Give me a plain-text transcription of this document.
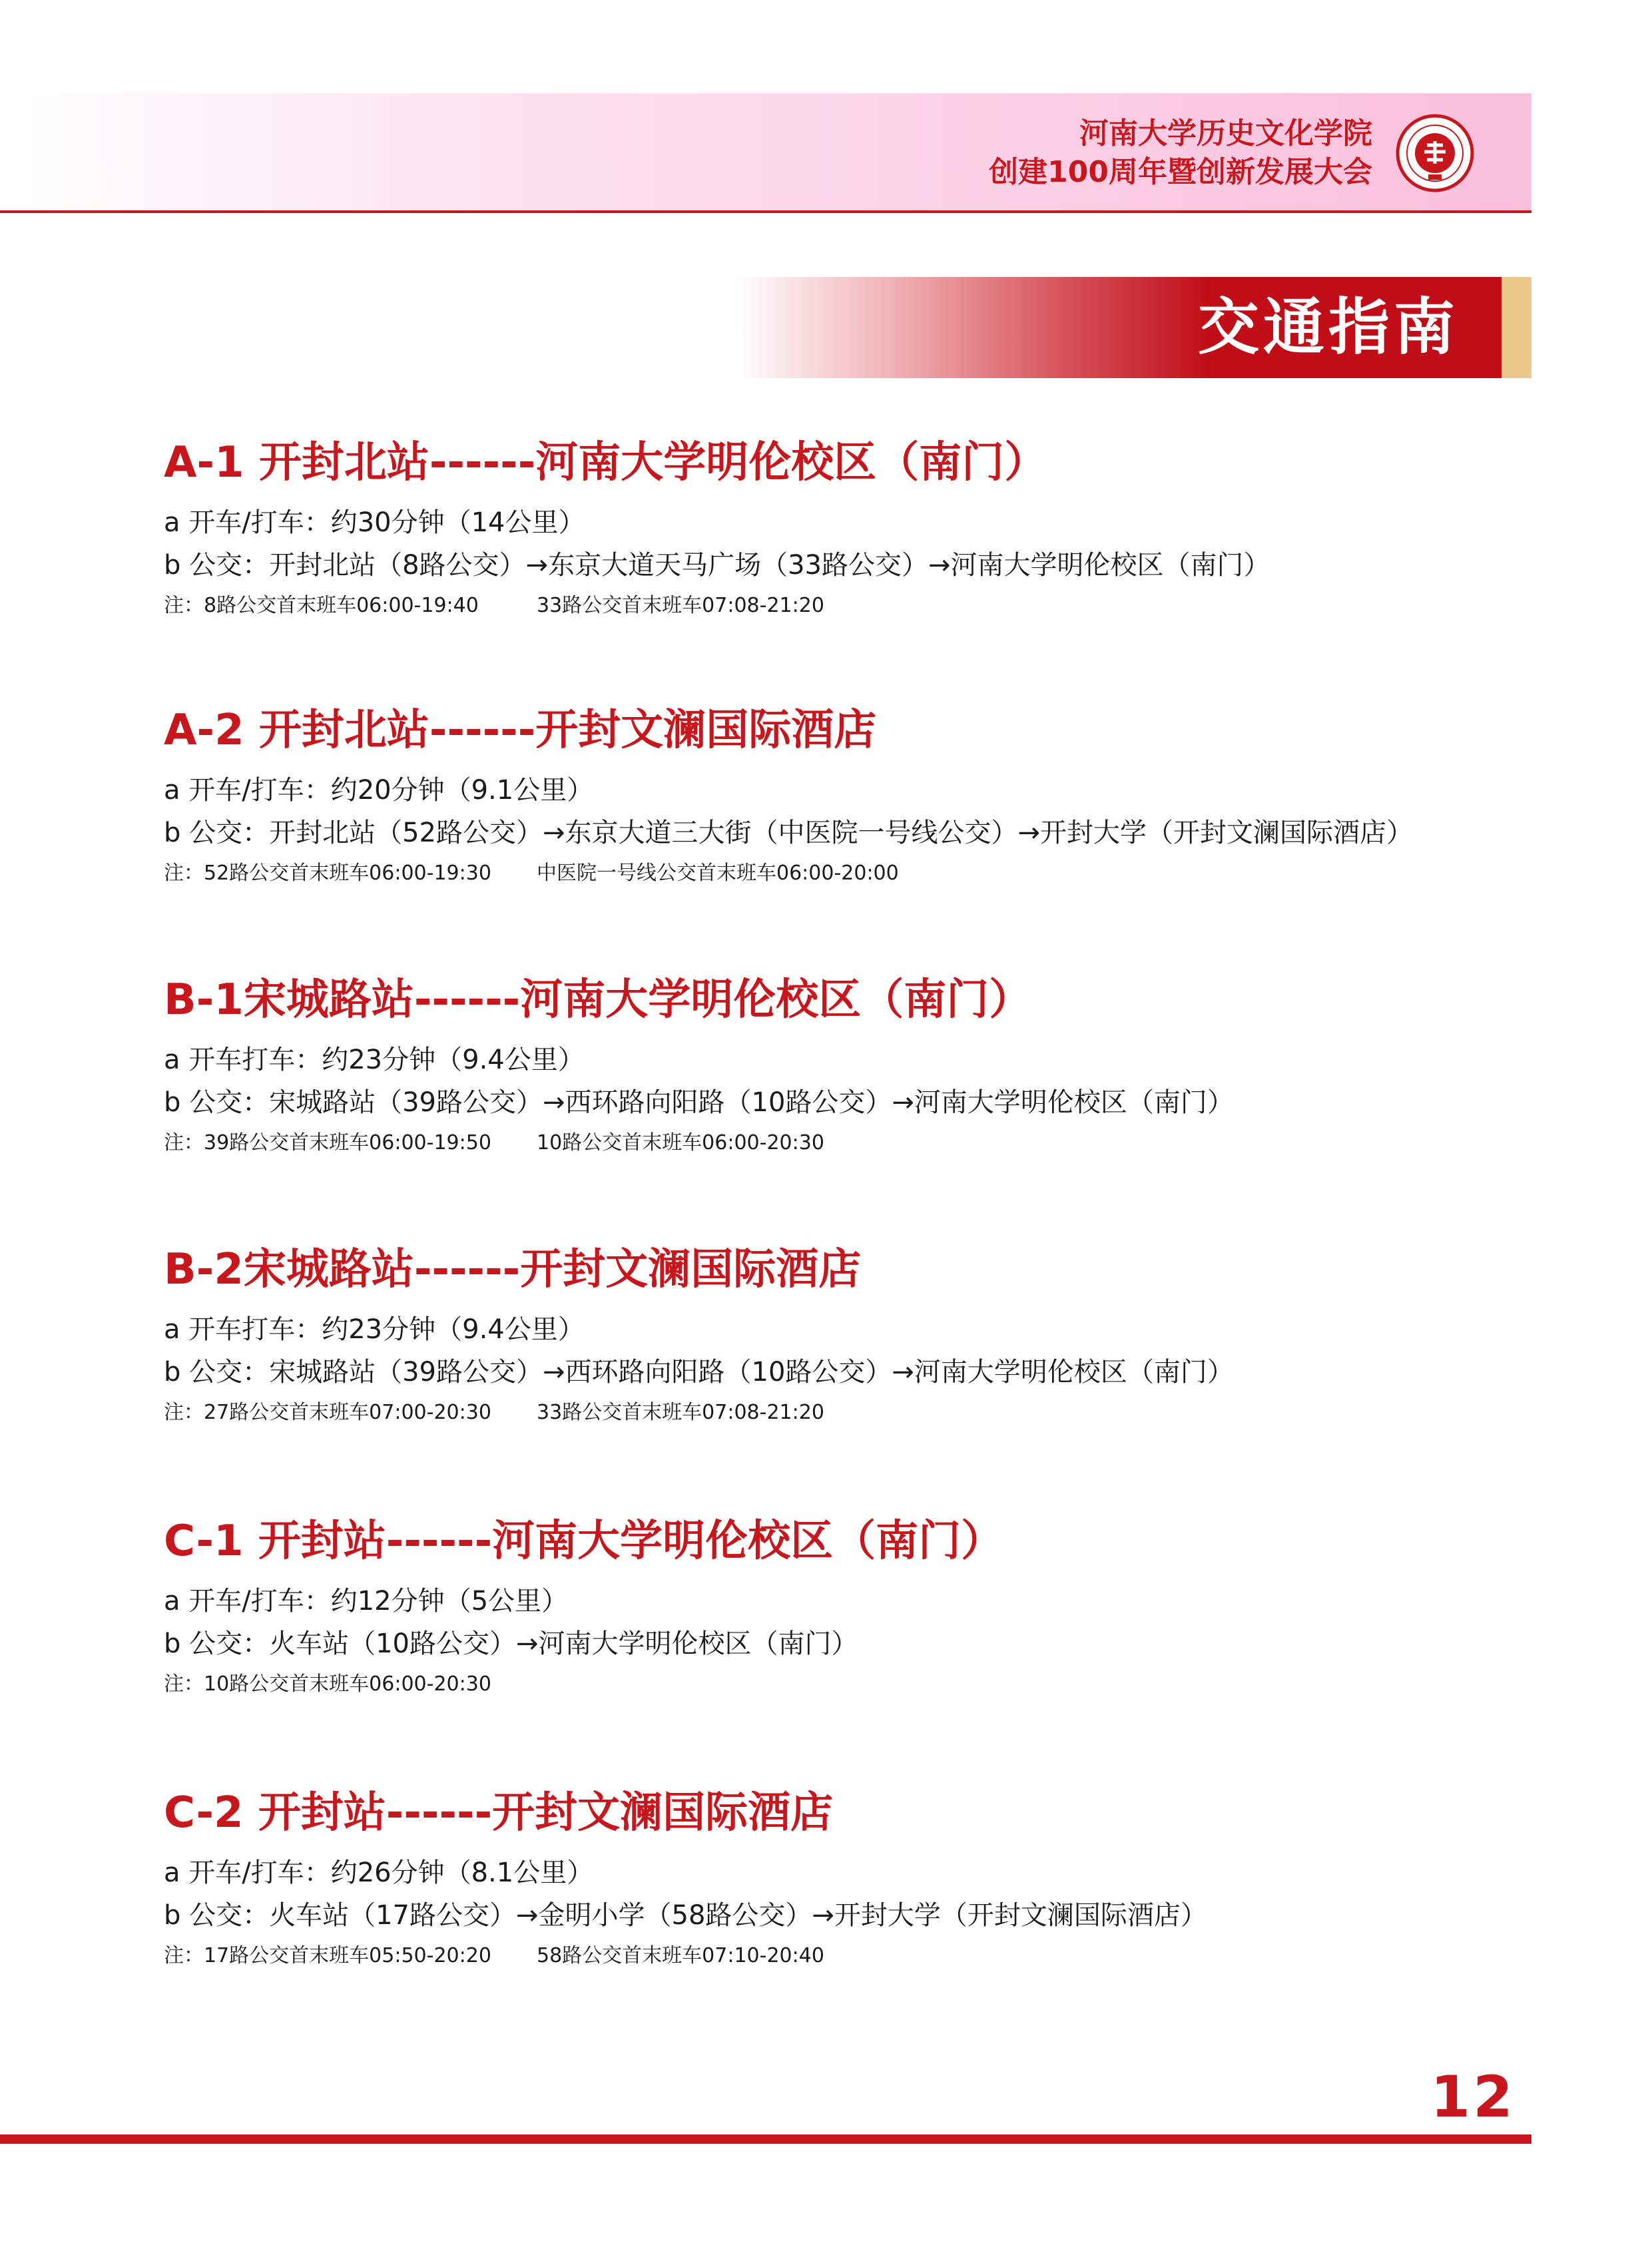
河南大学历史文化学院
创建100周年暨创新发展大会
交通指南
A-1 开封北站------河南大学明伦校区（南门）
a 开车/打车：约30分钟（14公里）
b 公交：开封北站（8路公交）→东京大道天马广场（33路公交）→河南大学明伦校区（南门）
注：8路公交首末班车06:00-19:40	33路公交首末班车07:08-21:20
A-2 开封北站------开封文澜国际酒店
a 开车/打车：约20分钟（9.1公里）
b 公交：开封北站（52路公交）→东京大道三大街（中医院一号线公交）→开封大学（开封文澜国际酒店）
注：52路公交首末班车06:00-19:30 中医院一号线公交首末班车06:00-20:00
B-1宋城路站------河南大学明伦校区（南门）
a 开车打车：约23分钟（9.4公里）
b 公交：宋城路站（39路公交）→西环路向阳路（10路公交）→河南大学明伦校区（南门）
注：39路公交首末班车06:00-19:50 10路公交首末班车06:00-20:30
B-2宋城路站------开封文澜国际酒店
a 开车打车：约23分钟（9.4公里）
b 公交：宋城路站（39路公交）→西环路向阳路（10路公交）→河南大学明伦校区（南门）
注：27路公交首末班车07:00-20:30 33路公交首末班车07:08-21:20
C-1 开封站------河南大学明伦校区（南门）
a 开车/打车：约12分钟（5公里）
b 公交：火车站（10路公交）→河南大学明伦校区（南门）
注：10路公交首末班车06:00-20:30
C-2 开封站------开封文澜国际酒店
a 开车/打车：约26分钟（8.1公里）
b 公交：火车站（17路公交）→金明小学（58路公交）→开封大学（开封文澜国际酒店）
注：17路公交首末班车05:50-20:20 58路公交首末班车07:10-20:40
12
